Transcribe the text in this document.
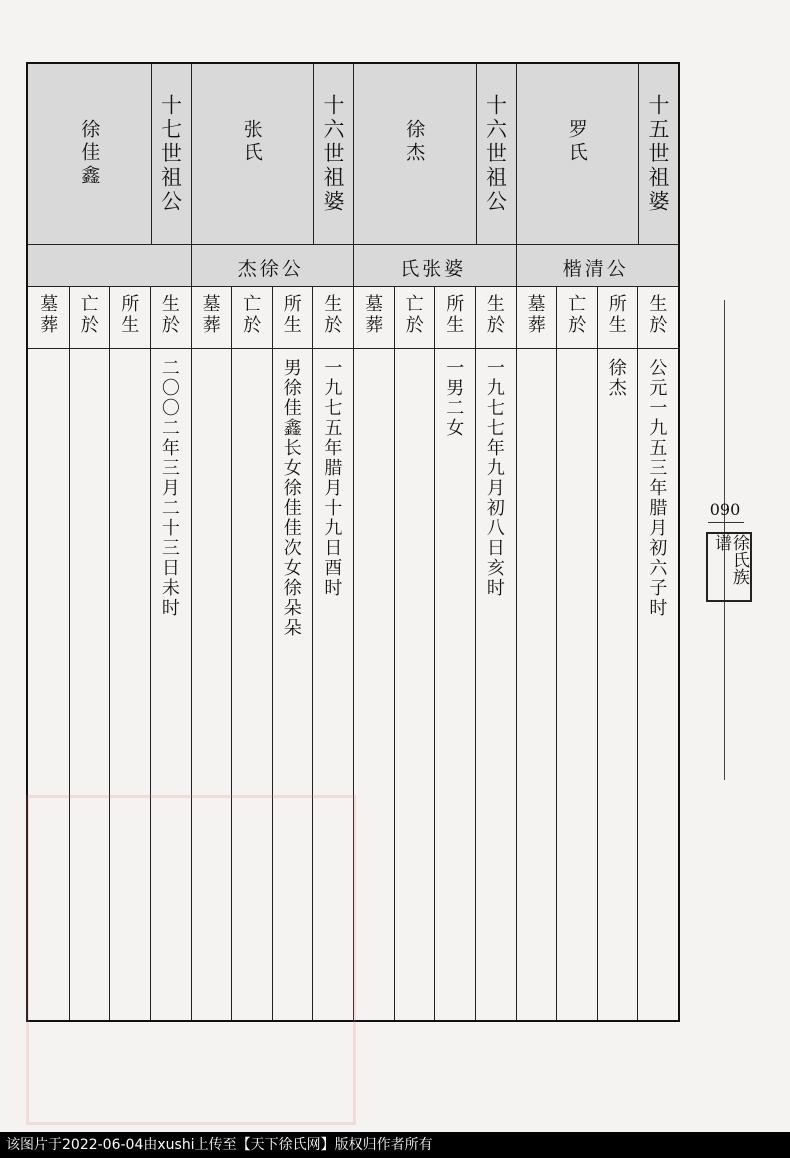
十五世祖婆
罗氏
楷清公
生於
公元一九五三年腊月初六子时
所生
徐杰
亡於
墓葬
十六世祖公
徐杰
氏张婆
生於
一九七七年九月初八日亥时
所生
一男二女
亡於
墓葬
十六世祖婆
张氏
杰徐公
生於
一九七五年腊月十九日酉时
所生
男徐佳鑫长女徐佳佳次女徐朵朵
亡於
墓葬
十七世祖公
徐佳鑫
生於
二〇〇二年三月二十三日未时
所生
亡於
墓葬
090
徐氏族谱
该图片于2022-06-04由xushi上传至【天下徐氏网】版权归作者所有
